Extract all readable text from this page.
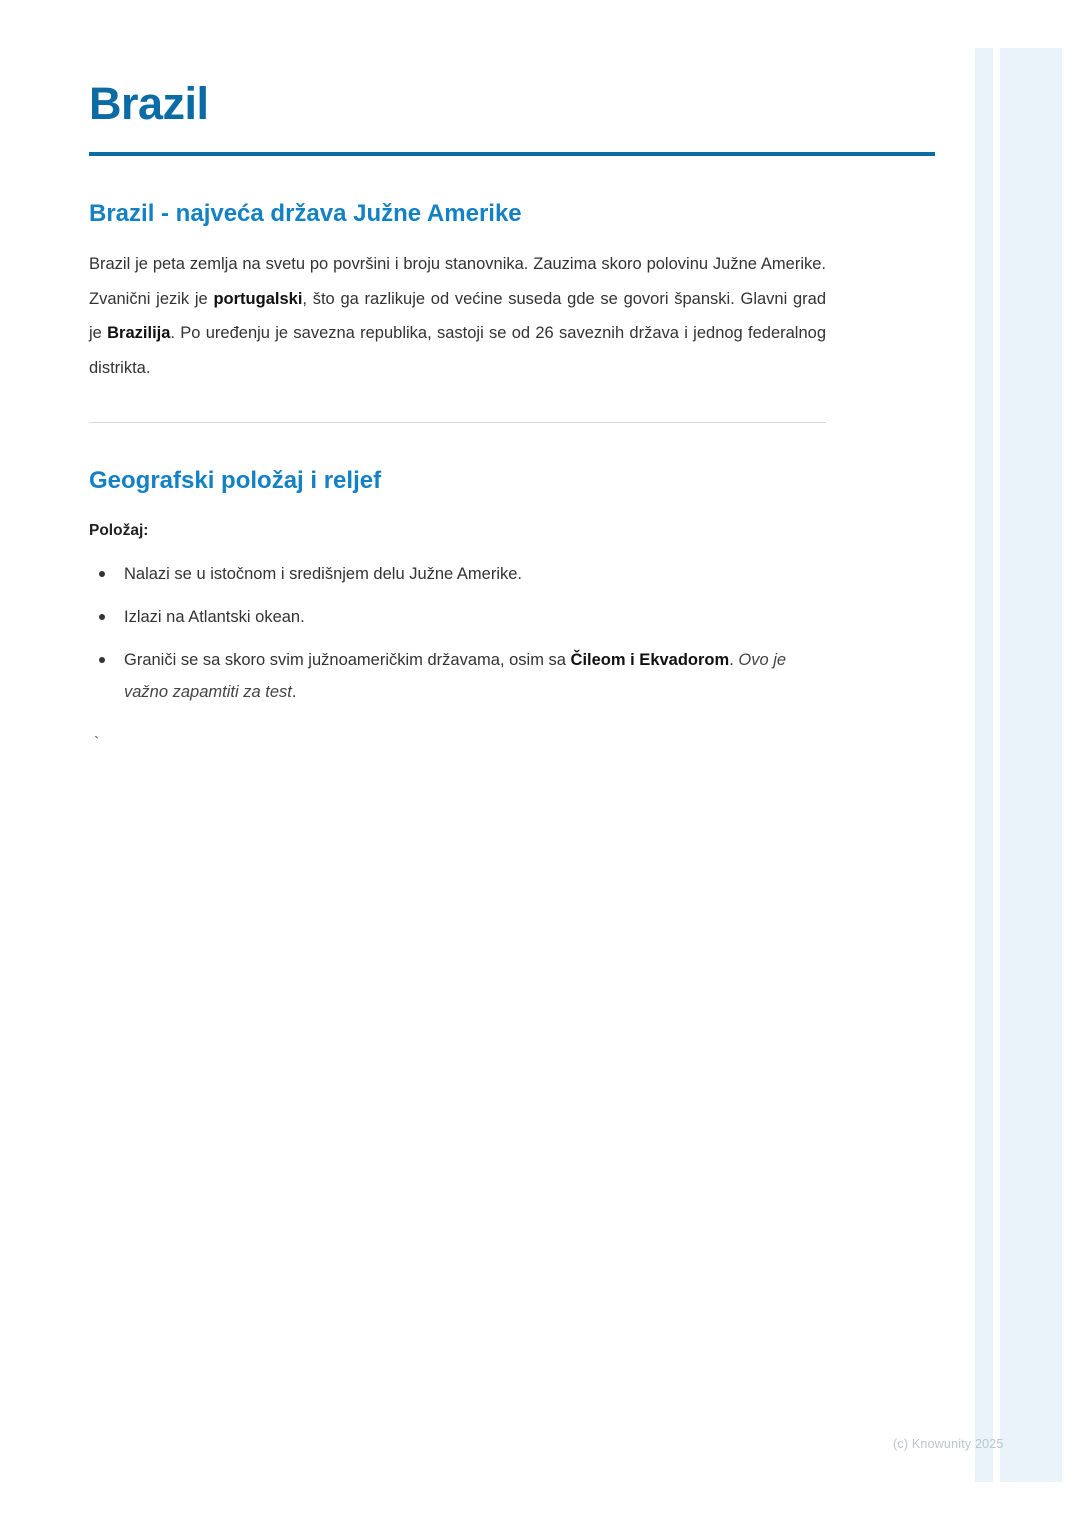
Brazil
Brazil - najveća država Južne Amerike

Brazil je peta zemlja na svetu po površini i broju stanovnika. Zauzima skoro polovinu Južne Amerike. Zvanični jezik je portugalski, što ga razlikuje od većine suseda gde se govori španski. Glavni grad je Brazilija. Po uređenju je savezna republika, sastoji se od 26 saveznih država i jednog federalnog distrikta.

Geografski položaj i reljef

Položaj:

Nalazi se u istočnom i središnjem delu Južne Amerike.
Izlazi na Atlantski okean.
Graniči se sa skoro svim južnoameričkim državama, osim sa Čileom i Ekvadorom. Ovo je važno zapamtiti za test.
`
(c) Knowunity 2025
